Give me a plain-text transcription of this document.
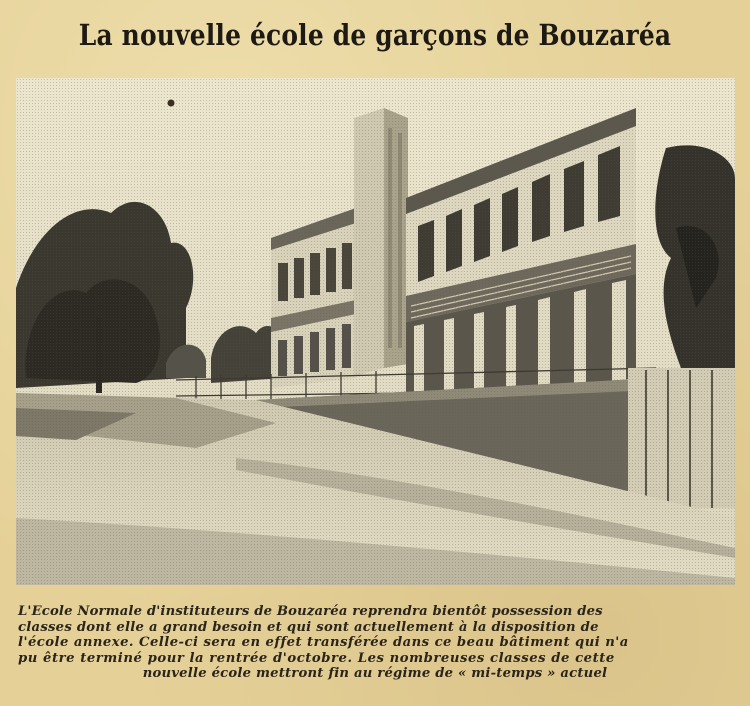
La nouvelle école de garçons de Bouzaréa
L'Ecole Normale d'instituteurs de Bouzaréa reprendra bientôt possession des
classes dont elle a grand besoin et qui sont actuellement à la disposition de
l'école annexe. Celle-ci sera en effet transférée dans ce beau bâtiment qui n'a
pu être terminé pour la rentrée d'octobre. Les nombreuses classes de cette
nouvelle école mettront fin au régime de « mi-temps » actuel
